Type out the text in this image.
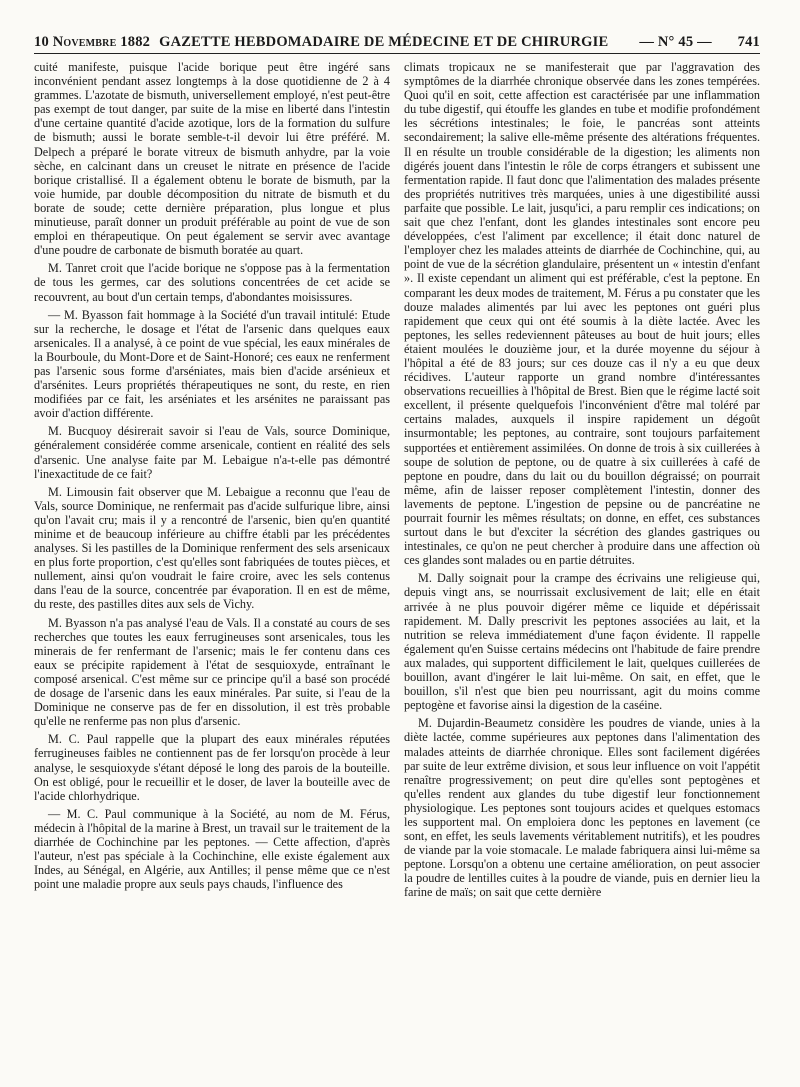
10 Novembre 1882 GAZETTE HEBDOMADAIRE DE MÉDECINE ET DE CHIRURGIE	— N° 45 — 741

cuité manifeste, puisque l'acide borique peut être ingéré sans inconvénient pendant assez longtemps à la dose quotidienne de 2 à 4 grammes. L'azotate de bismuth, universellement employé, n'est peut-être pas exempt de tout danger, par suite de la mise en liberté dans l'intestin d'une certaine quantité d'acide azotique, lors de la formation du sulfure de bismuth; aussi le borate semble-t-il devoir lui être préféré. M. Delpech a préparé le borate vitreux de bismuth anhydre, par la voie sèche, en calcinant dans un creuset le nitrate en présence de l'acide borique cristallisé. Il a également obtenu le borate de bismuth, par la voie humide, par double décomposition du nitrate de bismuth et du borate de soude; cette dernière préparation, plus longue et plus minutieuse, paraît donner un produit préférable au point de vue de son emploi en thérapeutique. On peut également se servir avec avantage d'une poudre de carbonate de bismuth boratée au quart.

M. Tanret croit que l'acide borique ne s'oppose pas à la fermentation de tous les germes, car des solutions concentrées de cet acide se recouvrent, au bout d'un certain temps, d'abondantes moisissures.

— M. Byasson fait hommage à la Société d'un travail intitulé: Etude sur la recherche, le dosage et l'état de l'arsenic dans quelques eaux arsenicales. Il a analysé, à ce point de vue spécial, les eaux minérales de la Bourboule, du Mont-Dore et de Saint-Honoré; ces eaux ne renferment pas l'arsenic sous forme d'arséniates, mais bien d'acide arsénieux et d'arsénites. Leurs propriétés thérapeutiques ne sont, du reste, en rien modifiées par ce fait, les arséniates et les arsénites ne paraissant pas avoir d'action différente.

M. Bucquoy désirerait savoir si l'eau de Vals, source Dominique, généralement considérée comme arsenicale, contient en réalité des sels d'arsenic. Une analyse faite par M. Lebaigue n'a-t-elle pas démontré l'inexactitude de ce fait?

M. Limousin fait observer que M. Lebaigue a reconnu que l'eau de Vals, source Dominique, ne renfermait pas d'acide sulfurique libre, ainsi qu'on l'avait cru; mais il y a rencontré de l'arsenic, bien qu'en quantité minime et de beaucoup inférieure au chiffre établi par les précédentes analyses. Si les pastilles de la Dominique renferment des sels arsenicaux en plus forte proportion, c'est qu'elles sont fabriquées de toutes pièces, et nullement, ainsi qu'on voudrait le faire croire, avec les sels contenus dans l'eau de la source, concentrée par évaporation. Il en est de même, du reste, des pastilles dites aux sels de Vichy.

M. Byasson n'a pas analysé l'eau de Vals. Il a constaté au cours de ses recherches que toutes les eaux ferrugineuses sont arsenicales, tous les minerais de fer renfermant de l'arsenic; mais le fer contenu dans ces eaux se précipite rapidement à l'état de sesquioxyde, entraînant le composé arsenical. C'est même sur ce principe qu'il a basé son procédé de dosage de l'arsenic dans les eaux minérales. Par suite, si l'eau de la Dominique ne conserve pas de fer en dissolution, il est très probable qu'elle ne renferme pas non plus d'arsenic.

M. C. Paul rappelle que la plupart des eaux minérales réputées ferrugineuses faibles ne contiennent pas de fer lorsqu'on procède à leur analyse, le sesquioxyde s'étant déposé le long des parois de la bouteille. On est obligé, pour le recueillir et le doser, de laver la bouteille avec de l'acide chlorhydrique.

— M. C. Paul communique à la Société, au nom de M. Férus, médecin à l'hôpital de la marine à Brest, un travail sur le traitement de la diarrhée de Cochinchine par les peptones. — Cette affection, d'après l'auteur, n'est pas spéciale à la Cochinchine, elle existe également aux Indes, au Sénégal, en Algérie, aux Antilles; il pense même que ce n'est point une maladie propre aux seuls pays chauds, l'influence des

climats tropicaux ne se manifesterait que par l'aggravation des symptômes de la diarrhée chronique observée dans les zones tempérées. Quoi qu'il en soit, cette affection est caractérisée par une inflammation du tube digestif, qui étouffe les glandes en tube et modifie profondément les sécrétions intestinales; le foie, le pancréas sont atteints secondairement; la salive elle-même présente des altérations fréquentes. Il en résulte un trouble considérable de la digestion; les aliments non digérés jouent dans l'intestin le rôle de corps étrangers et subissent une fermentation rapide. Il faut donc que l'alimentation des malades présente des propriétés nutritives très marquées, unies à une digestibilité aussi parfaite que possible. Le lait, jusqu'ici, a paru remplir ces indications; on sait que chez l'enfant, dont les glandes intestinales sont encore peu développées, c'est l'aliment par excellence; il était donc naturel de l'employer chez les malades atteints de diarrhée de Cochinchine, qui, au point de vue de la sécrétion glandulaire, présentent un « intestin d'enfant ». Il existe cependant un aliment qui est préférable, c'est la peptone. En comparant les deux modes de traitement, M. Férus a pu constater que les douze malades alimentés par lui avec les peptones ont guéri plus rapidement que ceux qui ont été soumis à la diète lactée. Avec les peptones, les selles redeviennent pâteuses au bout de huit jours; elles étaient moulées le douzième jour, et la durée moyenne du séjour à l'hôpital a été de 83 jours; sur ces douze cas il n'y a eu que deux récidives. L'auteur rapporte un grand nombre d'intéressantes observations recueillies à l'hôpital de Brest. Bien que le régime lacté soit excellent, il présente quelquefois l'inconvénient d'être mal toléré par certains malades, auxquels il inspire rapidement un dégoût insurmontable; les peptones, au contraire, sont toujours parfaitement supportées et entièrement assimilées. On donne de trois à six cuillerées à soupe de solution de peptone, ou de quatre à six cuillerées à café de peptone en poudre, dans du lait ou du bouillon dégraissé; on pourrait même, afin de laisser reposer complètement l'intestin, donner des lavements de peptone. L'ingestion de pepsine ou de pancréatine ne pourrait fournir les mêmes résultats; on donne, en effet, ces substances surtout dans le but d'exciter la sécrétion des glandes gastriques ou intestinales, ce qu'on ne peut chercher à produire dans une affection où ces glandes sont malades ou en partie détruites.

M. Dally soignait pour la crampe des écrivains une religieuse qui, depuis vingt ans, se nourrissait exclusivement de lait; elle en était arrivée à ne plus pouvoir digérer même ce liquide et dépérissait rapidement. M. Dally prescrivit les peptones associées au lait, et la nutrition se releva immédiatement d'une façon évidente. Il rappelle également qu'en Suisse certains médecins ont l'habitude de faire prendre aux malades, qui supportent difficilement le lait, quelques cuillerées de bouillon, avant d'ingérer le lait lui-même. On sait, en effet, que le bouillon, s'il n'est que bien peu nourrissant, agit du moins comme peptogène et favorise ainsi la digestion de la caséine.

M. Dujardin-Beaumetz considère les poudres de viande, unies à la diète lactée, comme supérieures aux peptones dans l'alimentation des malades atteints de diarrhée chronique. Elles sont facilement digérées par suite de leur extrême division, et sous leur influence on voit l'appétit renaître progressivement; on peut dire qu'elles sont peptogènes et qu'elles rendent aux glandes du tube digestif leur fonctionnement physiologique. Les peptones sont toujours acides et quelques estomacs les supportent mal. On emploiera donc les peptones en lavement (ce sont, en effet, les seuls lavements véritablement nutritifs), et les poudres de viande par la voie stomacale. Le malade fabriquera ainsi lui-même sa peptone. Lorsqu'on a obtenu une certaine amélioration, on peut associer la poudre de lentilles cuites à la poudre de viande, puis en dernier lieu la farine de maïs; on sait que cette dernière
